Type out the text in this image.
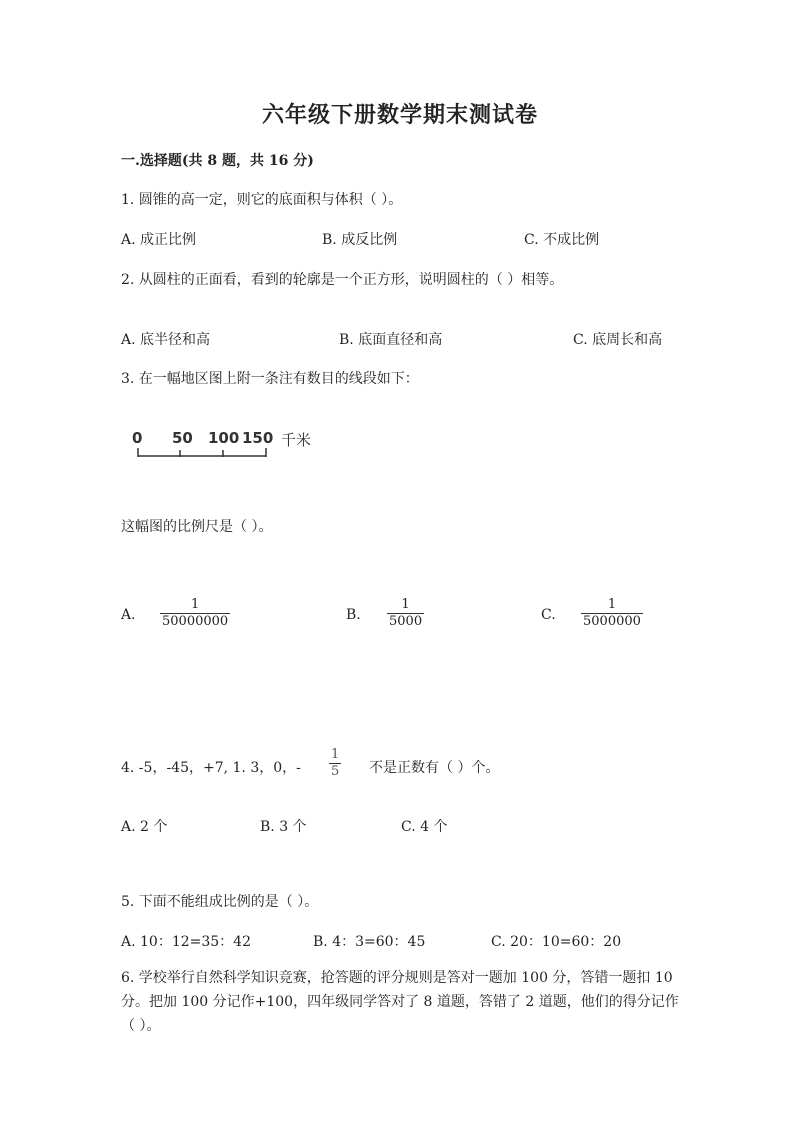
六年级下册数学期末测试卷
一.选择题(共 8 题，共 16 分)
1. 圆锥的高一定，则它的底面积与体积（ ）。
A. 成正比例	B. 成反比例	C. 不成比例
2. 从圆柱的正面看，看到的轮廓是一个正方形，说明圆柱的（ ）相等。
A. 底半径和高	B. 底面直径和高	C. 底周长和高
3. 在一幅地区图上附一条注有数目的线段如下：
0 50 100 150 千米
这幅图的比例尺是（ ）。
A. $\frac{1}{50000000}$	B. $\frac{1}{5000}$	C. $\frac{1}{5000000}$
4. -5，-45，+7, 1. 3，0，- $\frac{1}{5}$ 不是正数有（ ）个。
A. 2 个	B. 3 个	C. 4 个
5. 下面不能组成比例的是（ ）。
A. 10：12=35：42	B. 4：3=60：45	C. 20：10=60：20
6. 学校举行自然科学知识竞赛，抢答题的评分规则是答对一题加 100 分，答错一题扣 10 分。把加 100 分记作+100，四年级同学答对了 8 道题，答错了 2 道题，他们的得分记作（ ）。
